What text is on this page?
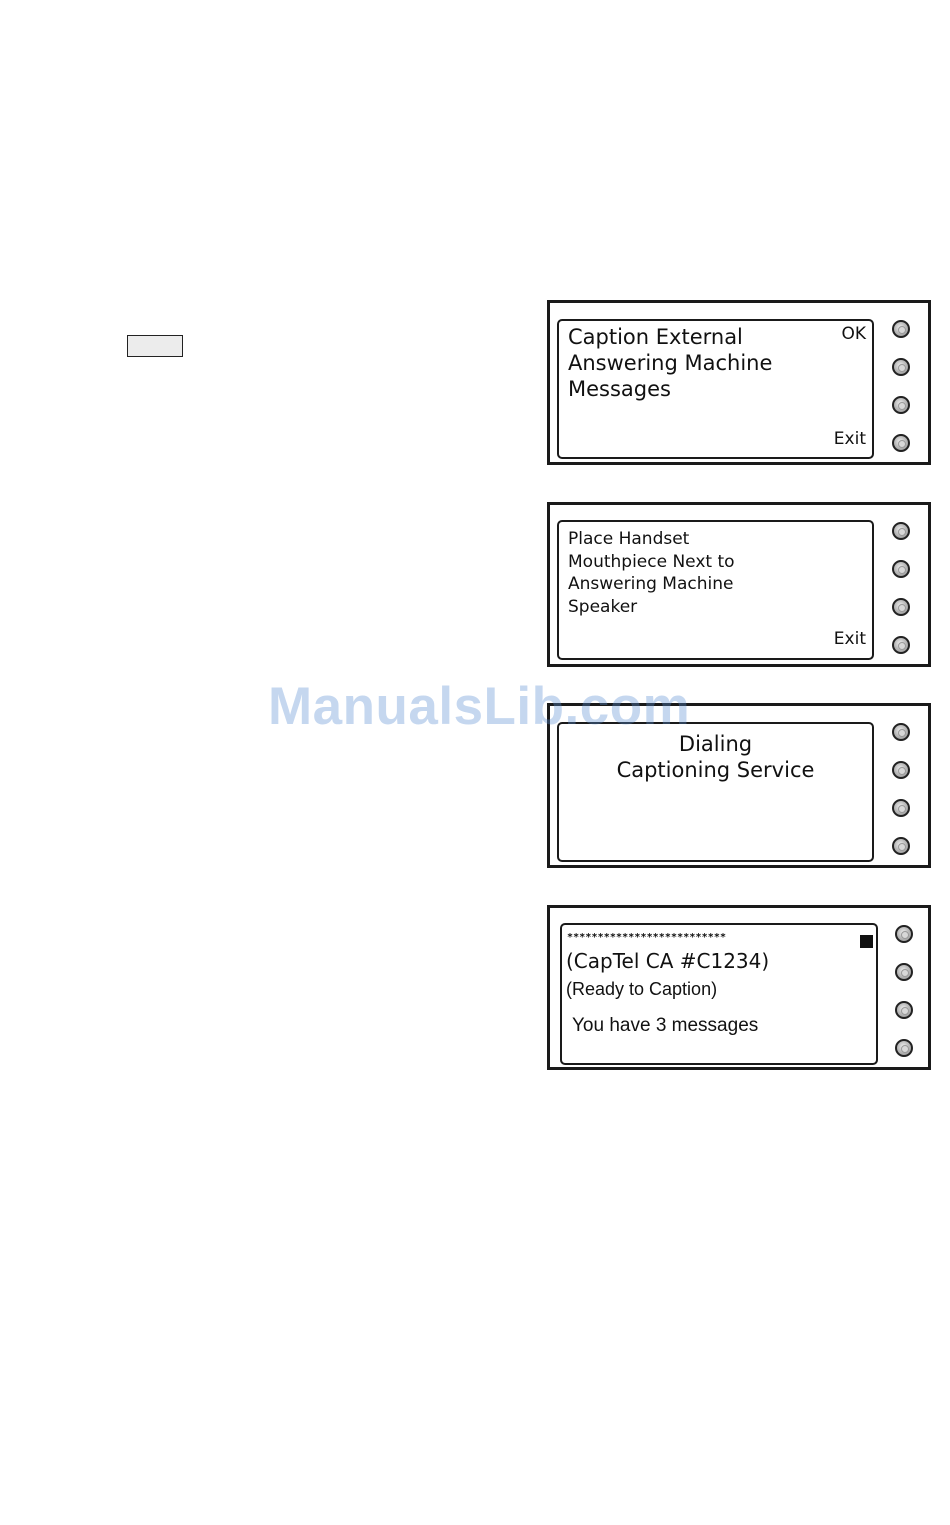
Caption External
Answering Machine
Messages
OK
Exit
Place Handset
Mouthpiece Next to
Answering Machine
Speaker
Exit
Dialing
Captioning Service
**************************
(CapTel CA #C1234)
(Ready to Caption)
You have 3 messages
ManualsLib.com
